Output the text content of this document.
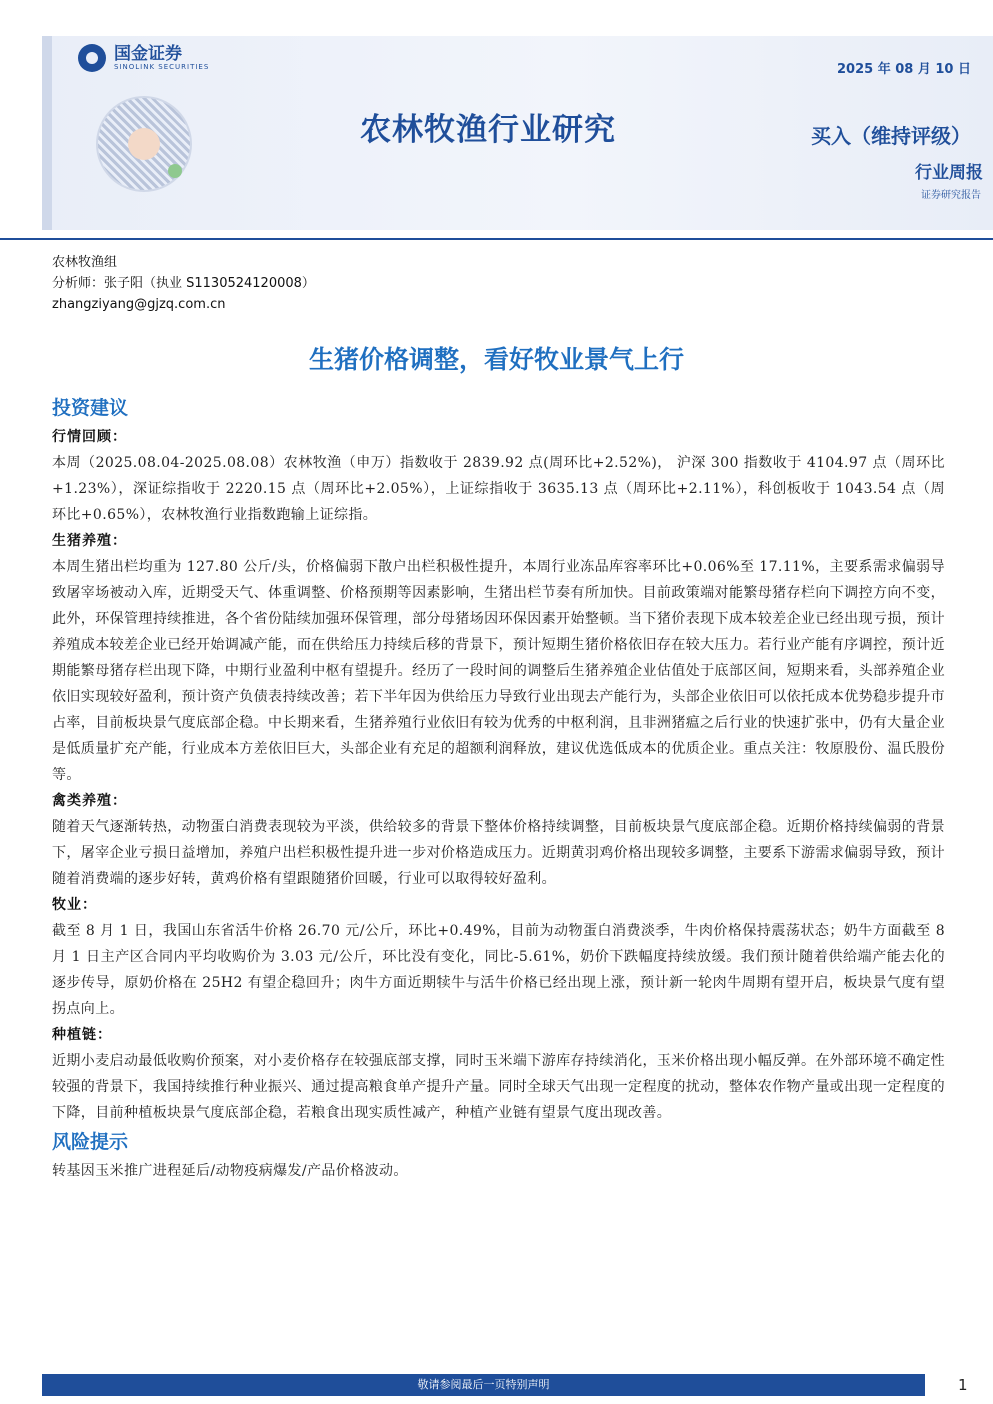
国金证券
SINOLINK SECURITIES
农林牧渔行业研究
2025 年 08 月 10 日
买入（维持评级）
行业周报
证券研究报告
农林牧渔组
分析师：张子阳（执业 S1130524120008）
zhangziyang@gjzq.com.cn
生猪价格调整，看好牧业景气上行
投资建议
行情回顾：

本周（2025.08.04-2025.08.08）农林牧渔（申万）指数收于 2839.92 点(周环比+2.52%)， 沪深 300 指数收于 4104.97 点（周环比+1.23%），深证综指收于 2220.15 点（周环比+2.05%），上证综指收于 3635.13 点（周环比+2.11%），科创板收于 1043.54 点（周环比+0.65%），农林牧渔行业指数跑输上证综指。

生猪养殖：

本周生猪出栏均重为 127.80 公斤/头，价格偏弱下散户出栏积极性提升，本周行业冻品库容率环比+0.06%至 17.11%，主要系需求偏弱导致屠宰场被动入库，近期受天气、体重调整、价格预期等因素影响，生猪出栏节奏有所加快。目前政策端对能繁母猪存栏向下调控方向不变，此外，环保管理持续推进，各个省份陆续加强环保管理，部分母猪场因环保因素开始整顿。当下猪价表现下成本较差企业已经出现亏损，预计养殖成本较差企业已经开始调减产能，而在供给压力持续后移的背景下，预计短期生猪价格依旧存在较大压力。若行业产能有序调控，预计近期能繁母猪存栏出现下降，中期行业盈利中枢有望提升。经历了一段时间的调整后生猪养殖企业估值处于底部区间，短期来看，头部养殖企业依旧实现较好盈利，预计资产负债表持续改善；若下半年因为供给压力导致行业出现去产能行为，头部企业依旧可以依托成本优势稳步提升市占率，目前板块景气度底部企稳。中长期来看，生猪养殖行业依旧有较为优秀的中枢利润，且非洲猪瘟之后行业的快速扩张中，仍有大量企业是低质量扩充产能，行业成本方差依旧巨大，头部企业有充足的超额利润释放，建议优选低成本的优质企业。重点关注：牧原股份、温氏股份等。

禽类养殖：

随着天气逐渐转热，动物蛋白消费表现较为平淡，供给较多的背景下整体价格持续调整，目前板块景气度底部企稳。近期价格持续偏弱的背景下，屠宰企业亏损日益增加，养殖户出栏积极性提升进一步对价格造成压力。近期黄羽鸡价格出现较多调整，主要系下游需求偏弱导致，预计随着消费端的逐步好转，黄鸡价格有望跟随猪价回暖，行业可以取得较好盈利。

牧业：

截至 8 月 1 日，我国山东省活牛价格 26.70 元/公斤，环比+0.49%，目前为动物蛋白消费淡季，牛肉价格保持震荡状态；奶牛方面截至 8 月 1 日主产区合同内平均收购价为 3.03 元/公斤，环比没有变化，同比-5.61%，奶价下跌幅度持续放缓。我们预计随着供给端产能去化的逐步传导，原奶价格在 25H2 有望企稳回升；肉牛方面近期犊牛与活牛价格已经出现上涨，预计新一轮肉牛周期有望开启，板块景气度有望拐点向上。

种植链：

近期小麦启动最低收购价预案，对小麦价格存在较强底部支撑，同时玉米端下游库存持续消化，玉米价格出现小幅反弹。在外部环境不确定性较强的背景下，我国持续推行种业振兴、通过提高粮食单产提升产量。同时全球天气出现一定程度的扰动，整体农作物产量或出现一定程度的下降，目前种植板块景气度底部企稳，若粮食出现实质性减产，种植产业链有望景气度出现改善。

风险提示

转基因玉米推广进程延后/动物疫病爆发/产品价格波动。

敬请参阅最后一页特别声明	1
